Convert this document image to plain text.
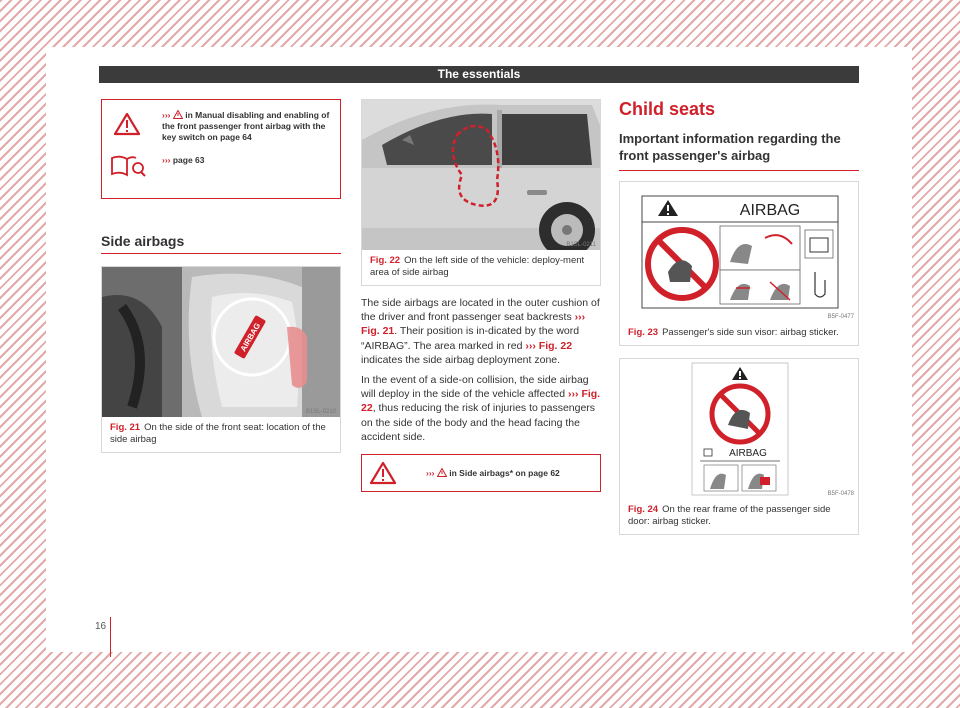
The essentials
›››  in Manual disabling and enabling of the front passenger front airbag with the key switch on page 64
››› page 63
Side airbags
AIRBAG
B1SL-0210
Fig. 21 On the side of the front seat: location of the side airbag
B1SL-0211
Fig. 22 On the left side of the vehicle: deploy-ment area of side airbag

The side airbags are located in the outer cushion of the driver and front passenger seat backrests ››› Fig. 21. Their position is in-dicated by the word “AIRBAG”. The area marked in red ››› Fig. 22 indicates the side airbag deployment zone.

In the event of a side-on collision, the side airbag will deploy in the side of the vehicle affected ››› Fig. 22, thus reducing the risk of injuries to passengers on the side of the body and the head facing the accident side.

›››  in Side airbags* on page 62
Child seats
Important information regarding the front passenger's airbag
AIRBAG
B5F-0477
Fig. 23 Passenger's side sun visor: airbag sticker.
AIRBAG
B5F-0478
Fig. 24 On the rear frame of the passenger side door: airbag sticker.
16
